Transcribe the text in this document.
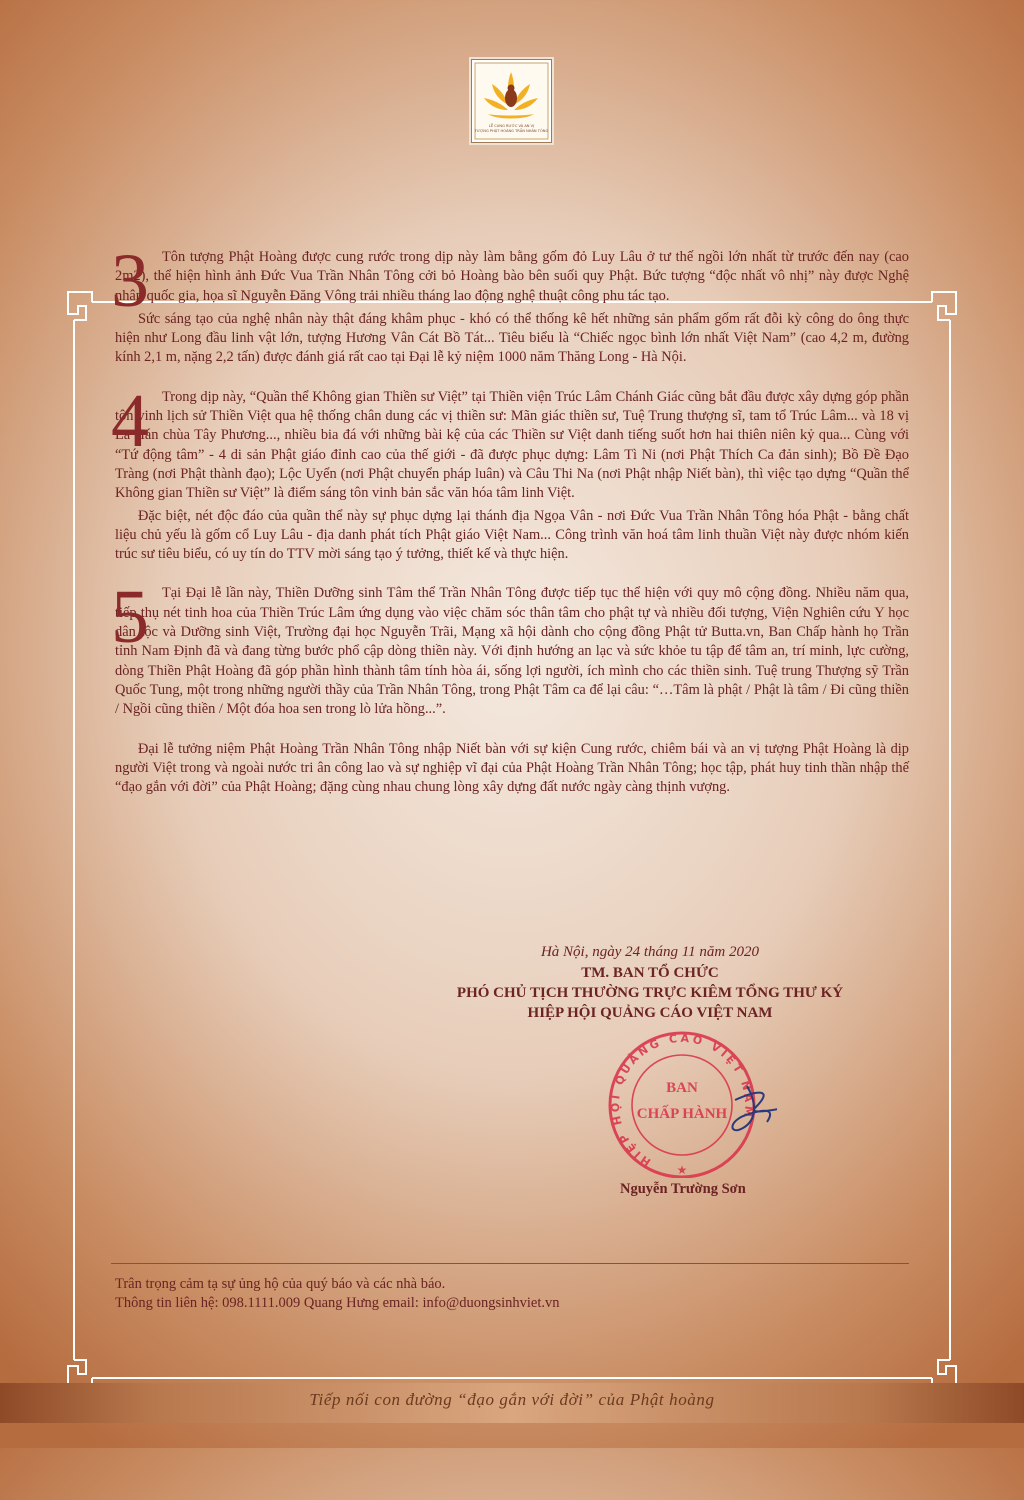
LỄ CUNG RƯỚC VÀ AN VỊ
TƯỢNG PHẬT HOÀNG TRẦN NHÂN TÔNG
3 Tôn tượng Phật Hoàng được cung rước trong dịp này làm bằng gốm đỏ Luy Lâu ở tư thế ngồi lớn nhất từ trước đến nay (cao 2m2), thể hiện hình ảnh Đức Vua Trần Nhân Tông cởi bỏ Hoàng bào bên suối quy Phật. Bức tượng “độc nhất vô nhị” này được Nghệ nhân quốc gia, họa sĩ Nguyễn Đăng Vông trải nhiều tháng lao động nghệ thuật công phu tác tạo.

Sức sáng tạo của nghệ nhân này thật đáng khâm phục - khó có thể thống kê hết những sản phẩm gốm rất đỗi kỳ công do ông thực hiện như Long đầu linh vật lớn, tượng Hương Vân Cát Bồ Tát... Tiêu biểu là “Chiếc ngọc bình lớn nhất Việt Nam” (cao 4,2 m, đường kính 2,1 m, nặng 2,2 tấn) được đánh giá rất cao tại Đại lễ kỷ niệm 1000 năm Thăng Long - Hà Nội.

4 Trong dịp này, “Quần thể Không gian Thiền sư Việt” tại Thiền viện Trúc Lâm Chánh Giác cũng bắt đầu được xây dựng góp phần tôn vinh lịch sử Thiền Việt qua hệ thống chân dung các vị thiền sư: Mãn giác thiền sư, Tuệ Trung thượng sĩ, tam tổ Trúc Lâm... và 18 vị La Hán chùa Tây Phương..., nhiều bia đá với những bài kệ của các Thiền sư Việt danh tiếng suốt hơn hai thiên niên kỷ qua... Cùng với “Tứ động tâm” - 4 di sản Phật giáo đỉnh cao của thế giới - đã được phục dựng: Lâm Tì Ni (nơi Phật Thích Ca đản sinh); Bồ Đề Đạo Tràng (nơi Phật thành đạo); Lộc Uyển (nơi Phật chuyển pháp luân) và Câu Thi Na (nơi Phật nhập Niết bàn), thì việc tạo dựng “Quần thể Không gian Thiền sư Việt” là điểm sáng tôn vinh bản sắc văn hóa tâm linh Việt.

Đặc biệt, nét độc đáo của quần thể này sự phục dựng lại thánh địa Ngọa Vân - nơi Đức Vua Trần Nhân Tông hóa Phật - bằng chất liệu chủ yếu là gốm cổ Luy Lâu - địa danh phát tích Phật giáo Việt Nam... Công trình văn hoá tâm linh thuần Việt này được nhóm kiến trúc sư tiêu biểu, có uy tín do TTV mời sáng tạo ý tưởng, thiết kế và thực hiện.

5 Tại Đại lễ lần này, Thiền Dưỡng sinh Tâm thể Trần Nhân Tông được tiếp tục thể hiện với quy mô cộng đồng. Nhiều năm qua, tiếp thụ nét tinh hoa của Thiền Trúc Lâm ứng dụng vào việc chăm sóc thân tâm cho phật tự và nhiều đối tượng, Viện Nghiên cứu Y học dân tộc và Dưỡng sinh Việt, Trường đại học Nguyễn Trãi, Mạng xã hội dành cho cộng đồng Phật tử Butta.vn, Ban Chấp hành họ Trần tỉnh Nam Định đã và đang từng bước phổ cập dòng thiền này. Với định hướng an lạc và sức khỏe tu tập để tâm an, trí minh, lực cường, dòng Thiền Phật Hoàng đã góp phần hình thành tâm tính hòa ái, sống lợi người, ích mình cho các thiền sinh. Tuệ trung Thượng sỹ Trần Quốc Tung, một trong những người thầy của Trần Nhân Tông, trong Phật Tâm ca để lại câu: “…Tâm là phật / Phật là tâm / Đi cũng thiền / Ngồi cũng thiền / Một đóa hoa sen trong lò lửa hồng...”.

Đại lễ tưởng niệm Phật Hoàng Trần Nhân Tông nhập Niết bàn với sự kiện Cung rước, chiêm bái và an vị tượng Phật Hoàng là dịp người Việt trong và ngoài nước tri ân công lao và sự nghiệp vĩ đại của Phật Hoàng Trần Nhân Tông; học tập, phát huy tinh thần nhập thế “đạo gắn với đời” của Phật Hoàng; đặng cùng nhau chung lòng xây dựng đất nước ngày càng thịnh vượng.

Hà Nội, ngày 24 tháng 11 năm 2020
TM. BAN TỔ CHỨC
PHÓ CHỦ TỊCH THƯỜNG TRỰC KIÊM TỔNG THƯ KÝ
HIỆP HỘI QUẢNG CÁO VIỆT NAM
HIỆP HỘI QUẢNG CÁO VIỆT NAM
BAN
CHẤP HÀNH
★
Nguyễn Trường Sơn
Trân trọng cảm tạ sự ủng hộ của quý báo và các nhà báo.
Thông tin liên hệ: 098.1111.009 Quang Hưng email: info@duongsinhviet.vn
Tiếp nối con đường “đạo gắn với đời” của Phật hoàng
